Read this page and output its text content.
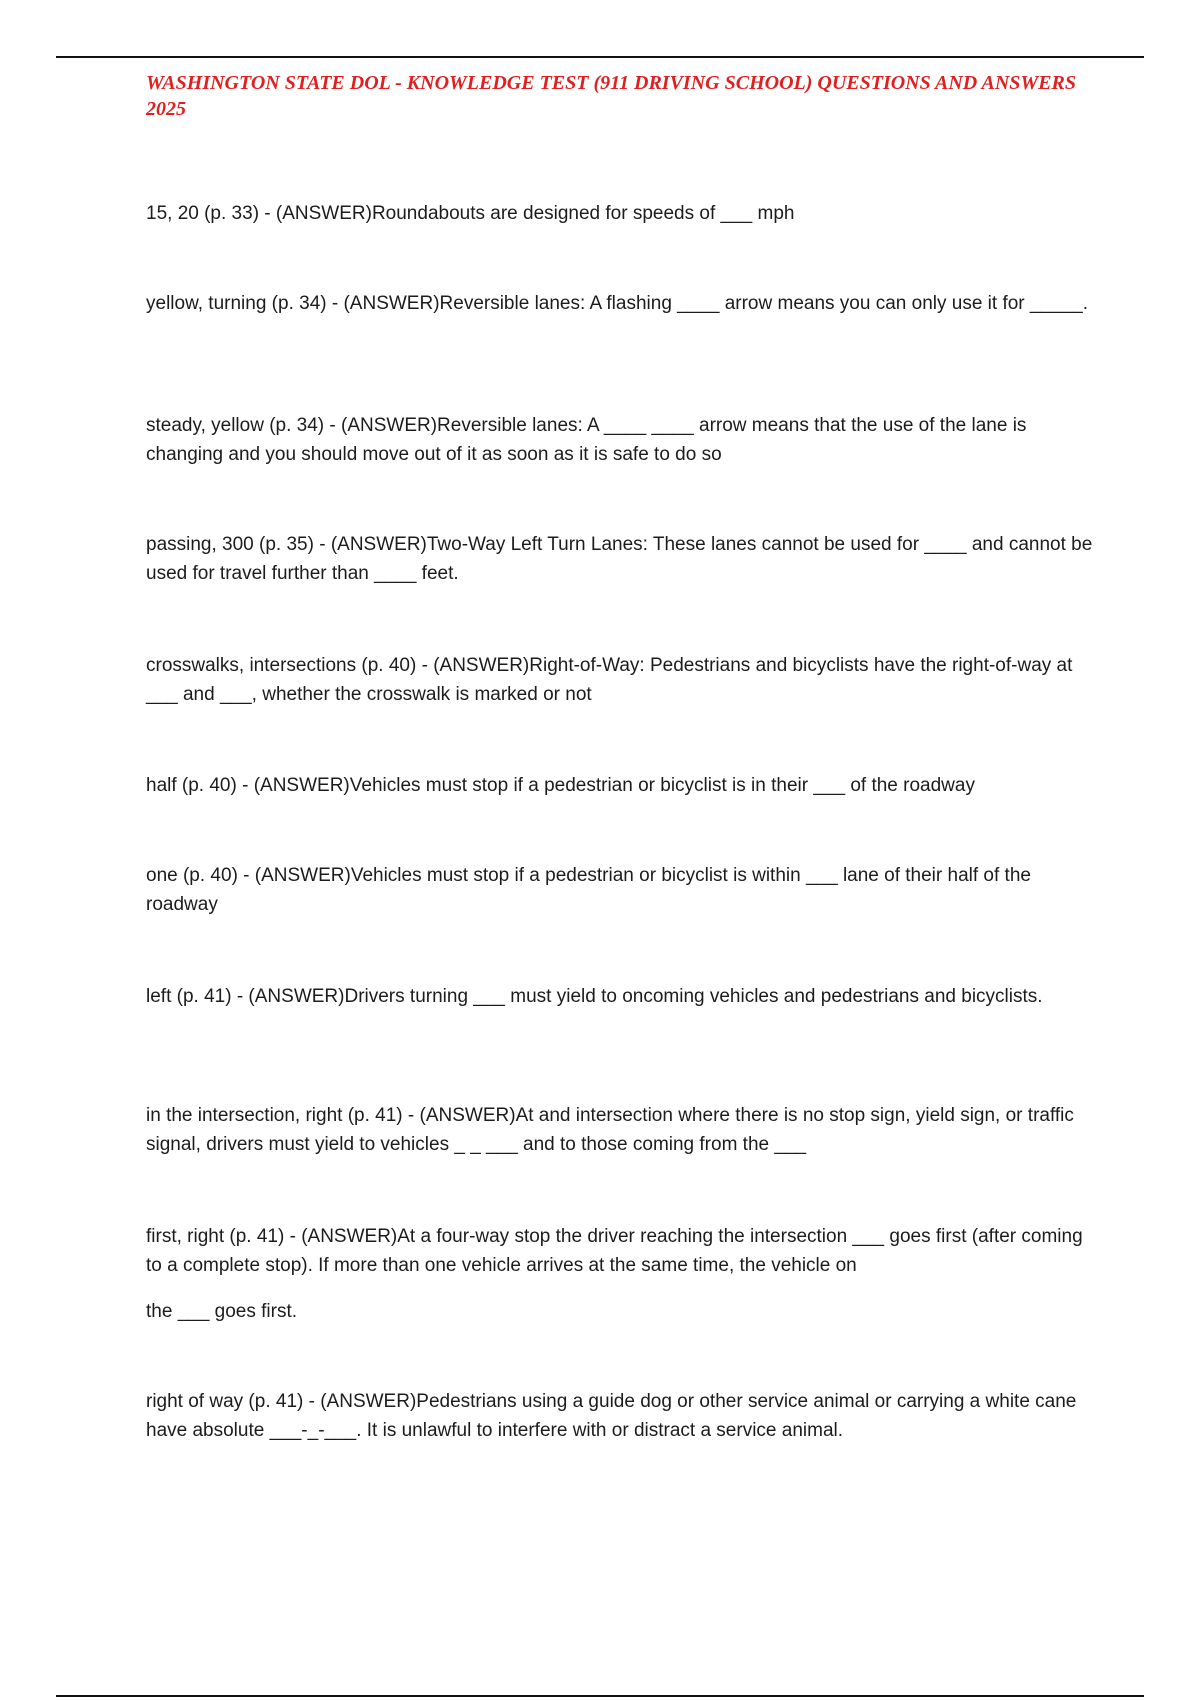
WASHINGTON STATE DOL - KNOWLEDGE TEST (911 DRIVING SCHOOL) QUESTIONS AND ANSWERS 2025

15, 20 (p. 33) - (ANSWER)Roundabouts are designed for speeds of ___ mph

yellow, turning (p. 34) - (ANSWER)Reversible lanes: A flashing ____ arrow means you can only use it for _____.

steady, yellow (p. 34) - (ANSWER)Reversible lanes: A ____ ____ arrow means that the use of the lane is changing and you should move out of it as soon as it is safe to do so

passing, 300 (p. 35) - (ANSWER)Two-Way Left Turn Lanes: These lanes cannot be used for ____ and cannot be used for travel further than ____ feet.

crosswalks, intersections (p. 40) - (ANSWER)Right-of-Way: Pedestrians and bicyclists have the right-of-way at ___ and ___, whether the crosswalk is marked or not

half (p. 40) - (ANSWER)Vehicles must stop if a pedestrian or bicyclist is in their ___ of the roadway

one (p. 40) - (ANSWER)Vehicles must stop if a pedestrian or bicyclist is within ___ lane of their half of the roadway

left (p. 41) - (ANSWER)Drivers turning ___ must yield to oncoming vehicles and pedestrians and bicyclists.

in the intersection, right (p. 41) - (ANSWER)At and intersection where there is no stop sign, yield sign, or traffic signal, drivers must yield to vehicles _ _ ___ and to those coming from the ___

first, right (p. 41) - (ANSWER)At a four-way stop the driver reaching the intersection ___ goes first (after coming to a complete stop). If more than one vehicle arrives at the same time, the vehicle on
the ___ goes first.

right of way (p. 41) - (ANSWER)Pedestrians using a guide dog or other service animal or carrying a white cane have absolute ___-_-___. It is unlawful to interfere with or distract a service animal.
